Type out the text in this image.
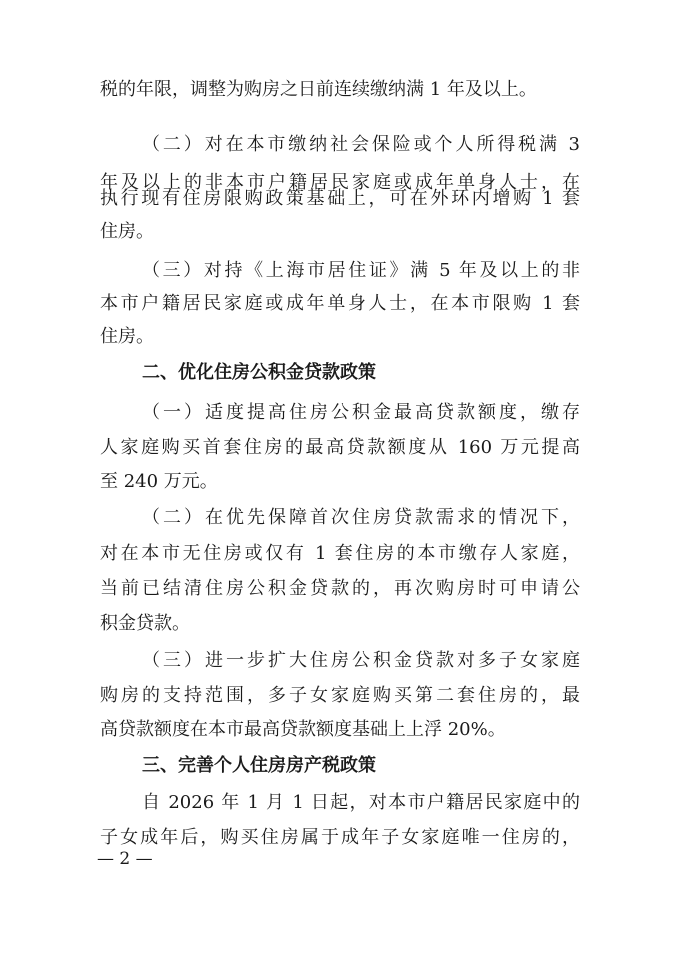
税的年限，调整为购房之日前连续缴纳满 1 年及以上。
（二）对在本市缴纳社会保险或个人所得税满 3
年及以上的非本市户籍居民家庭或成年单身人士，在
执行现有住房限购政策基础上，可在外环内增购 1 套
住房。
（三）对持《上海市居住证》满 5 年及以上的非
本市户籍居民家庭或成年单身人士，在本市限购 1 套
住房。
二、优化住房公积金贷款政策
（一）适度提高住房公积金最高贷款额度，缴存
人家庭购买首套住房的最高贷款额度从 160 万元提高
至 240 万元。
（二）在优先保障首次住房贷款需求的情况下，
对在本市无住房或仅有 1 套住房的本市缴存人家庭，
当前已结清住房公积金贷款的，再次购房时可申请公
积金贷款。
（三）进一步扩大住房公积金贷款对多子女家庭
购房的支持范围，多子女家庭购买第二套住房的，最
高贷款额度在本市最高贷款额度基础上上浮 20%。
三、完善个人住房房产税政策
自 2026 年 1 月 1 日起，对本市户籍居民家庭中的
子女成年后，购买住房属于成年子女家庭唯一住房的，
— 2 —
